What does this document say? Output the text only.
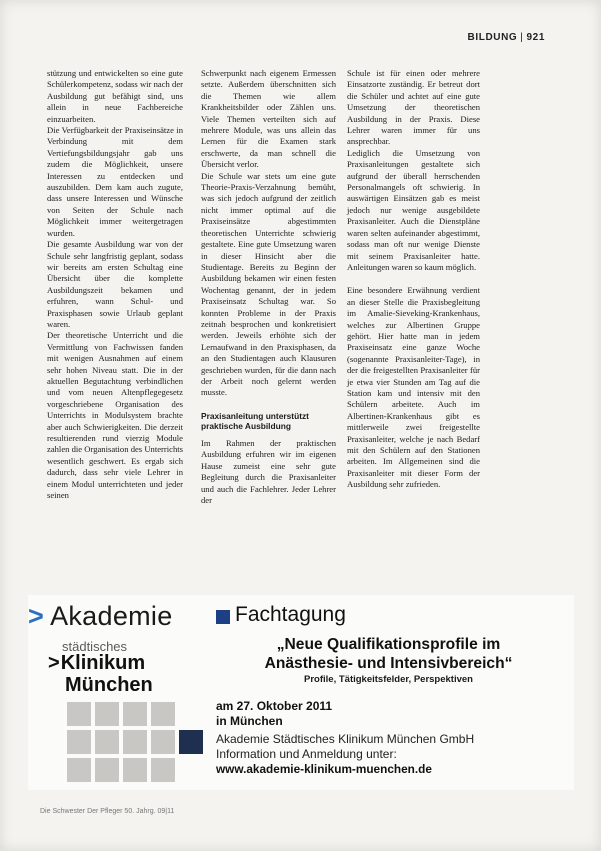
BILDUNG | 921

stützung und entwickelten so eine gute Schülerkompetenz, sodass wir nach der Ausbildung gut befähigt sind, uns allein in neue Fachbereiche einzuarbeiten.

Die Verfügbarkeit der Praxiseinsätze in Verbindung mit dem Vertiefungsbildungsjahr gab uns zudem die Möglichkeit, unsere Interessen zu entdecken und auszubilden. Dem kam auch zugute, dass unsere Interessen und Wünsche von Seiten der Schule nach Möglichkeit immer weitergetragen wurden.

Die gesamte Ausbildung war von der Schule sehr langfristig geplant, sodass wir bereits am ersten Schultag eine Übersicht über die komplette Ausbildungszeit bekamen und erfuhren, wann Schul- und Praxisphasen sowie Urlaub geplant waren.

Der theoretische Unterricht und die Vermittlung von Fachwissen fanden mit wenigen Ausnahmen auf einem sehr hohen Niveau statt. Die in der aktuellen Begutachtung verbindlichen und vom neuen Altenpflegegesetz vorgeschriebene Organisation des Unterrichts in Modulsystem brachte aber auch Schwierigkeiten. Die derzeit resultierenden rund vierzig Module zahlen die Organisation des Unterrichts wesentlich geschwert. Es ergab sich dadurch, dass sehr viele Lehrer in einem Modul unterrichteten und jeder seinen

Schwerpunkt nach eigenem Ermessen setzte. Außerdem überschnitten sich die Themen wie allem Krankheitsbilder oder Zählen uns. Viele Themen verteilten sich auf mehrere Module, was uns allein das Lernen für die Examen stark erschwerte, da man schnell die Übersicht verlor.

Die Schule war stets um eine gute Theorie-Praxis-Verzahnung bemüht, was sich jedoch aufgrund der zeitlich nicht immer optimal auf die Praxiseinsätze abgestimmten theoretischen Unterrichte schwierig gestaltete. Eine gute Umsetzung waren in dieser Hinsicht aber die Studientage. Bereits zu Beginn der Ausbildung bekamen wir einen festen Wochentag genannt, der in jedem Praxiseinsatz Schultag war. So konnten Probleme in der Praxis zeitnah besprochen und konkretisiert werden. Jeweils erhöhte sich der Lernaufwand in den Praxisphasen, da an den Studientagen auch Klausuren geschrieben wurden, für die dann nach der Arbeit noch gelernt werden musste.

Praxisanleitung unterstützt praktische Ausbildung

Im Rahmen der praktischen Ausbildung erfuhren wir im eigenen Hause zumeist eine sehr gute Begleitung durch die Praxisanleiter und auch die Fachlehrer. Jeder Lehrer der

Schule ist für einen oder mehrere Einsatzorte zuständig. Er betreut dort die Schüler und achtet auf eine gute Umsetzung der theoretischen Ausbildung in der Praxis. Diese Lehrer waren immer für uns ansprechbar.

Lediglich die Umsetzung von Praxisanleitungen gestaltete sich aufgrund der überall herrschenden Personalmangels oft schwierig. In auswärtigen Einsätzen gab es meist jedoch nur wenige ausgebildete Praxisanleiter. Auch die Dienstpläne waren selten aufeinander abgestimmt, sodass man oft nur wenige Dienste mit seinem Praxisanleiter hatte. Anleitungen waren so kaum möglich.

Eine besondere Erwähnung verdient an dieser Stelle die Praxisbegleitung im Amalie-Sieveking-Krankenhaus, welches zur Albertinen Gruppe gehört. Hier hatte man in jedem Praxiseinsatz eine ganze Woche (sogenannte Praxisanleiter-Tage), in der die freigestellten Praxisanleiter für je etwa vier Stunden am Tag auf die Station kam und intensiv mit den Schülern arbeitete. Auch im Albertinen-Krankenhaus gibt es mittlerweile zwei freigestellte Praxisanleiter, welche je nach Bedarf mit den Schülern auf den Stationen arbeiten. Im Allgemeinen sind die Praxisanleiter mit dieser Form der Ausbildung sehr zufrieden.

> Akademie
städtisches
>Klinikum
München
Fachtagung
„Neue Qualifikationsprofile im
Anästhesie- und Intensivbereich“
Profile, Tätigkeitsfelder, Perspektiven
am 27. Oktober 2011
in München
Akademie Städtisches Klinikum München GmbH
Information und Anmeldung unter:
www.akademie-klinikum-muenchen.de
Die Schwester Der Pfleger 50. Jahrg. 09|11
